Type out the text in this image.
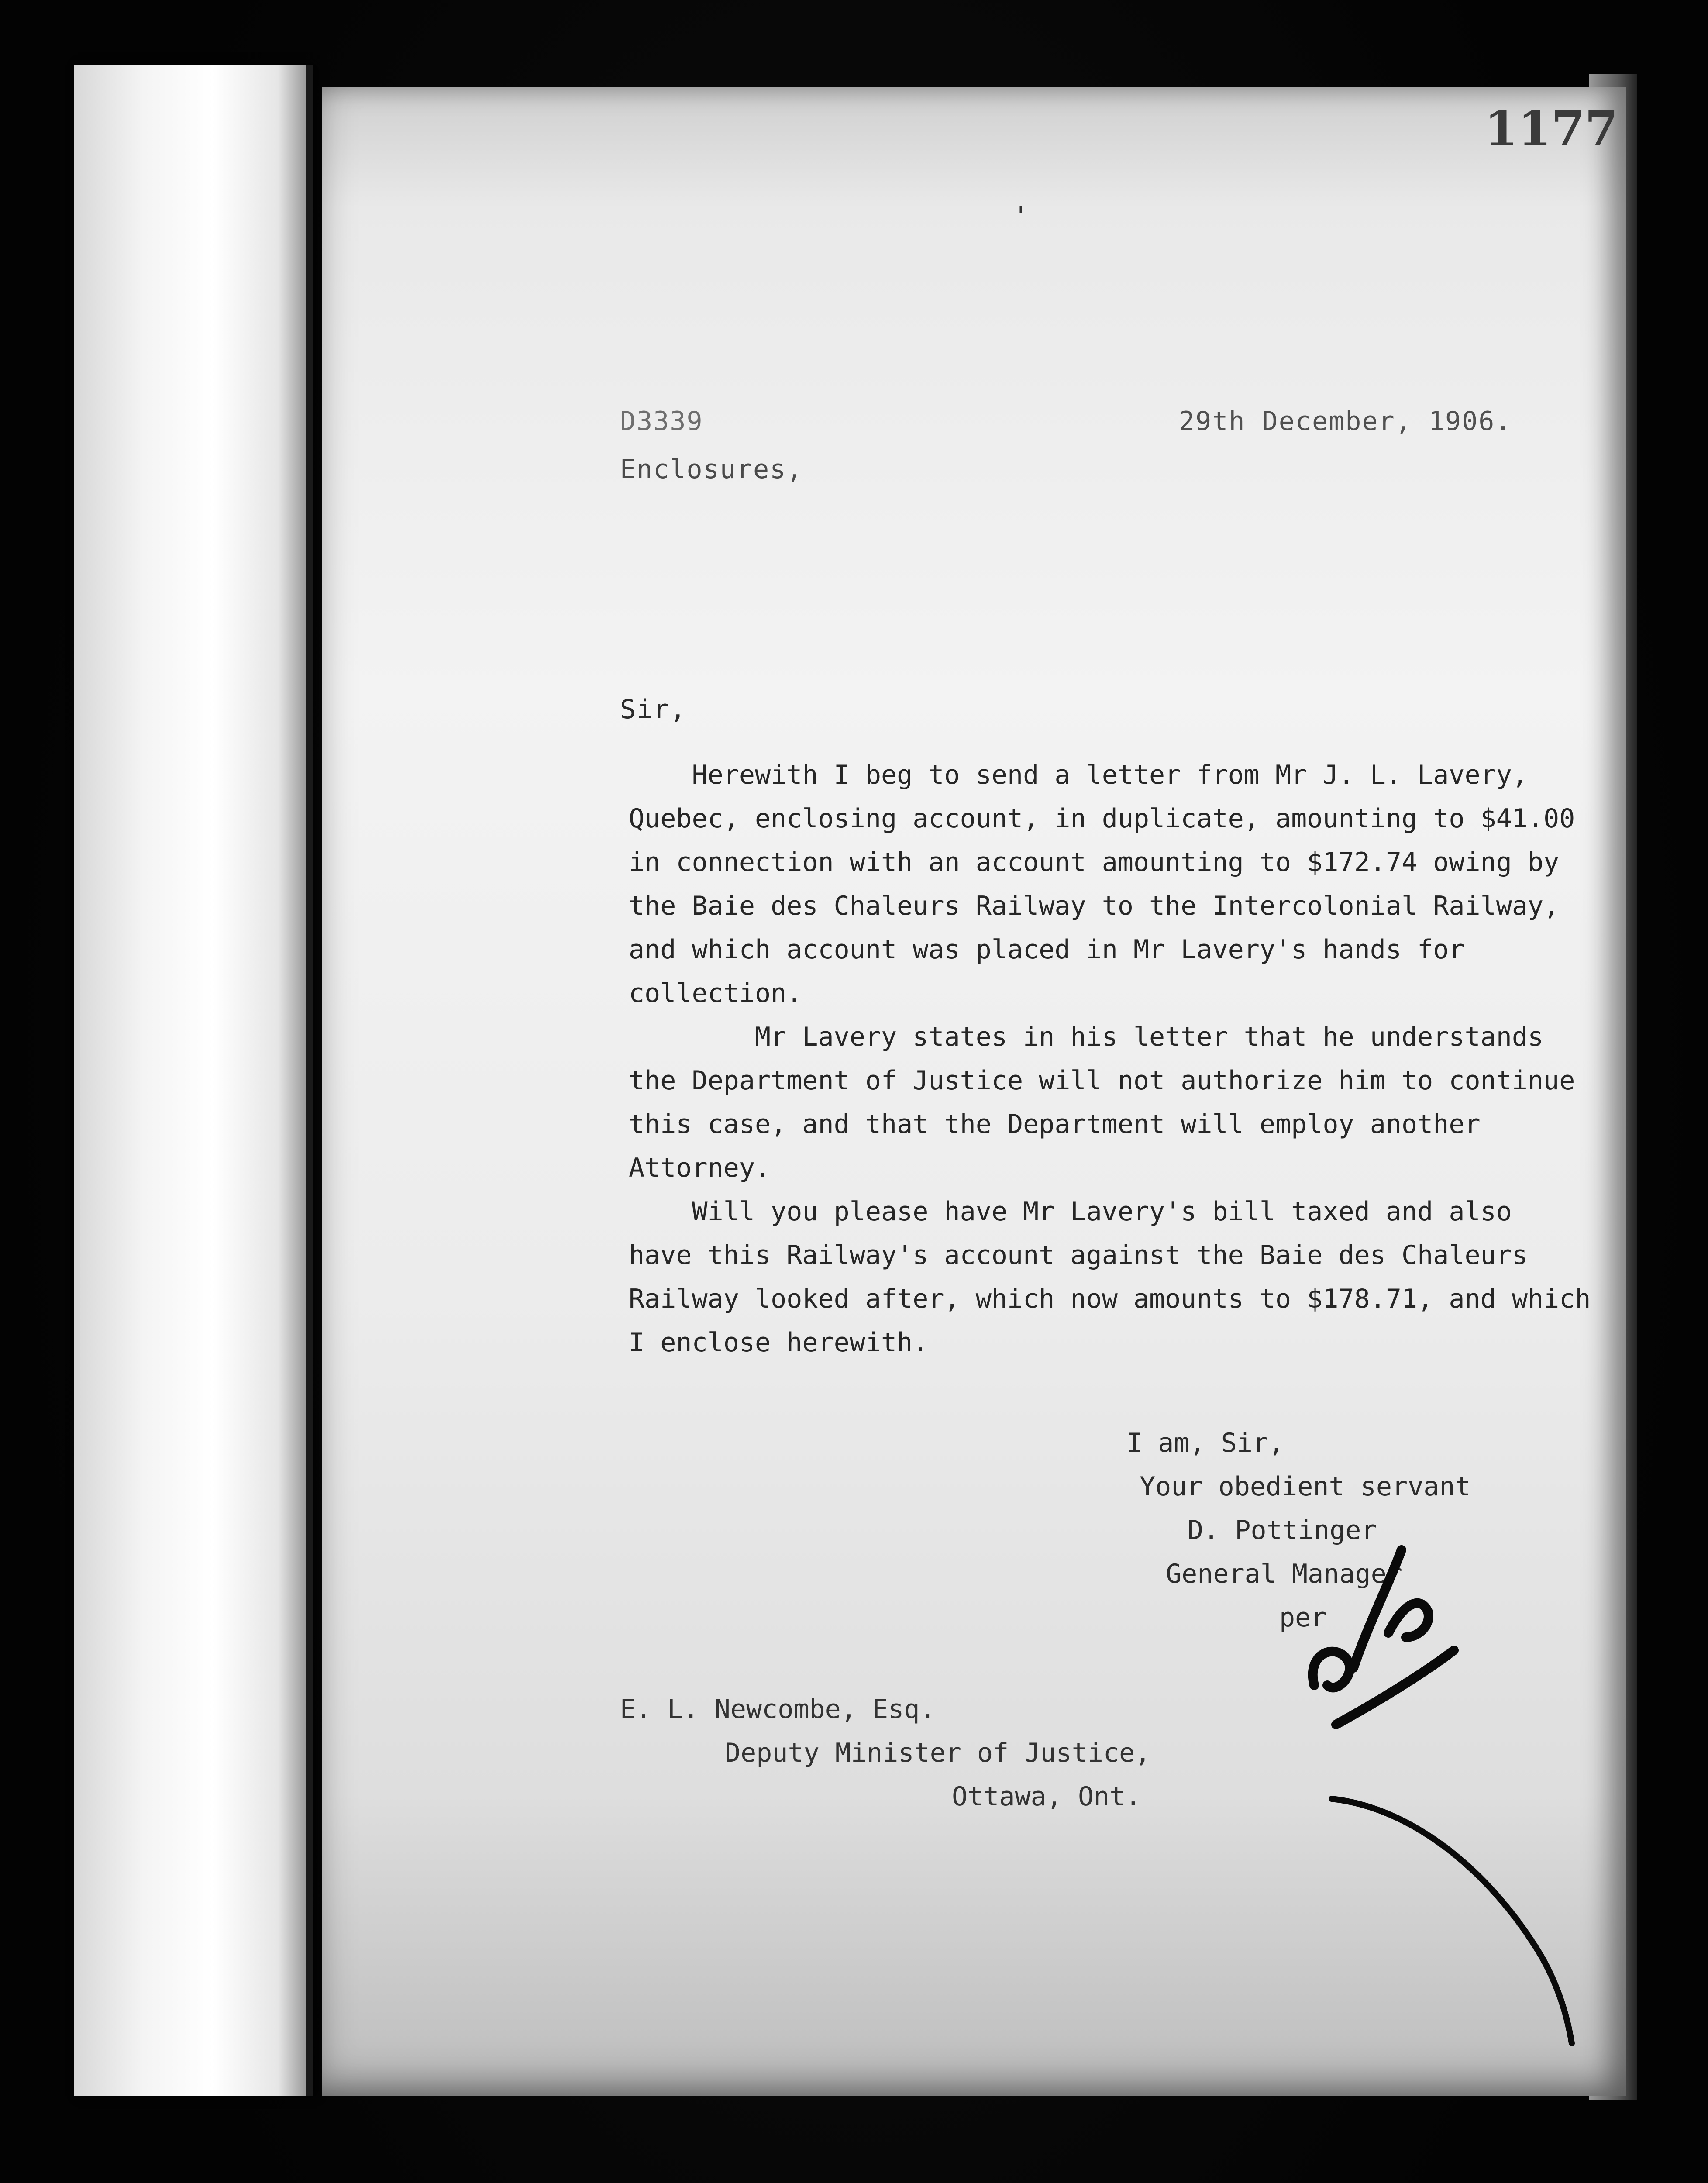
1177
'
D3339
Enclosures,
29th December, 1906.
Sir,
Herewith I beg to send a letter from Mr J. L. Lavery,
Quebec, enclosing account, in duplicate, amounting to $41.00
in connection with an account amounting to $172.74 owing by
the Baie des Chaleurs Railway to the Intercolonial Railway,
and which account was placed in Mr Lavery's hands for
collection.
Mr Lavery states in his letter that he understands
the Department of Justice will not authorize him to continue
this case, and that the Department will employ another
Attorney.
Will you please have Mr Lavery's bill taxed and also
have this Railway's account against the Baie des Chaleurs
Railway looked after, which now amounts to $178.71, and which
I enclose herewith.
I am, Sir,
Your obedient servant
D. Pottinger
General Manager
per
E. L. Newcombe, Esq.
Deputy Minister of Justice,
Ottawa, Ont.
